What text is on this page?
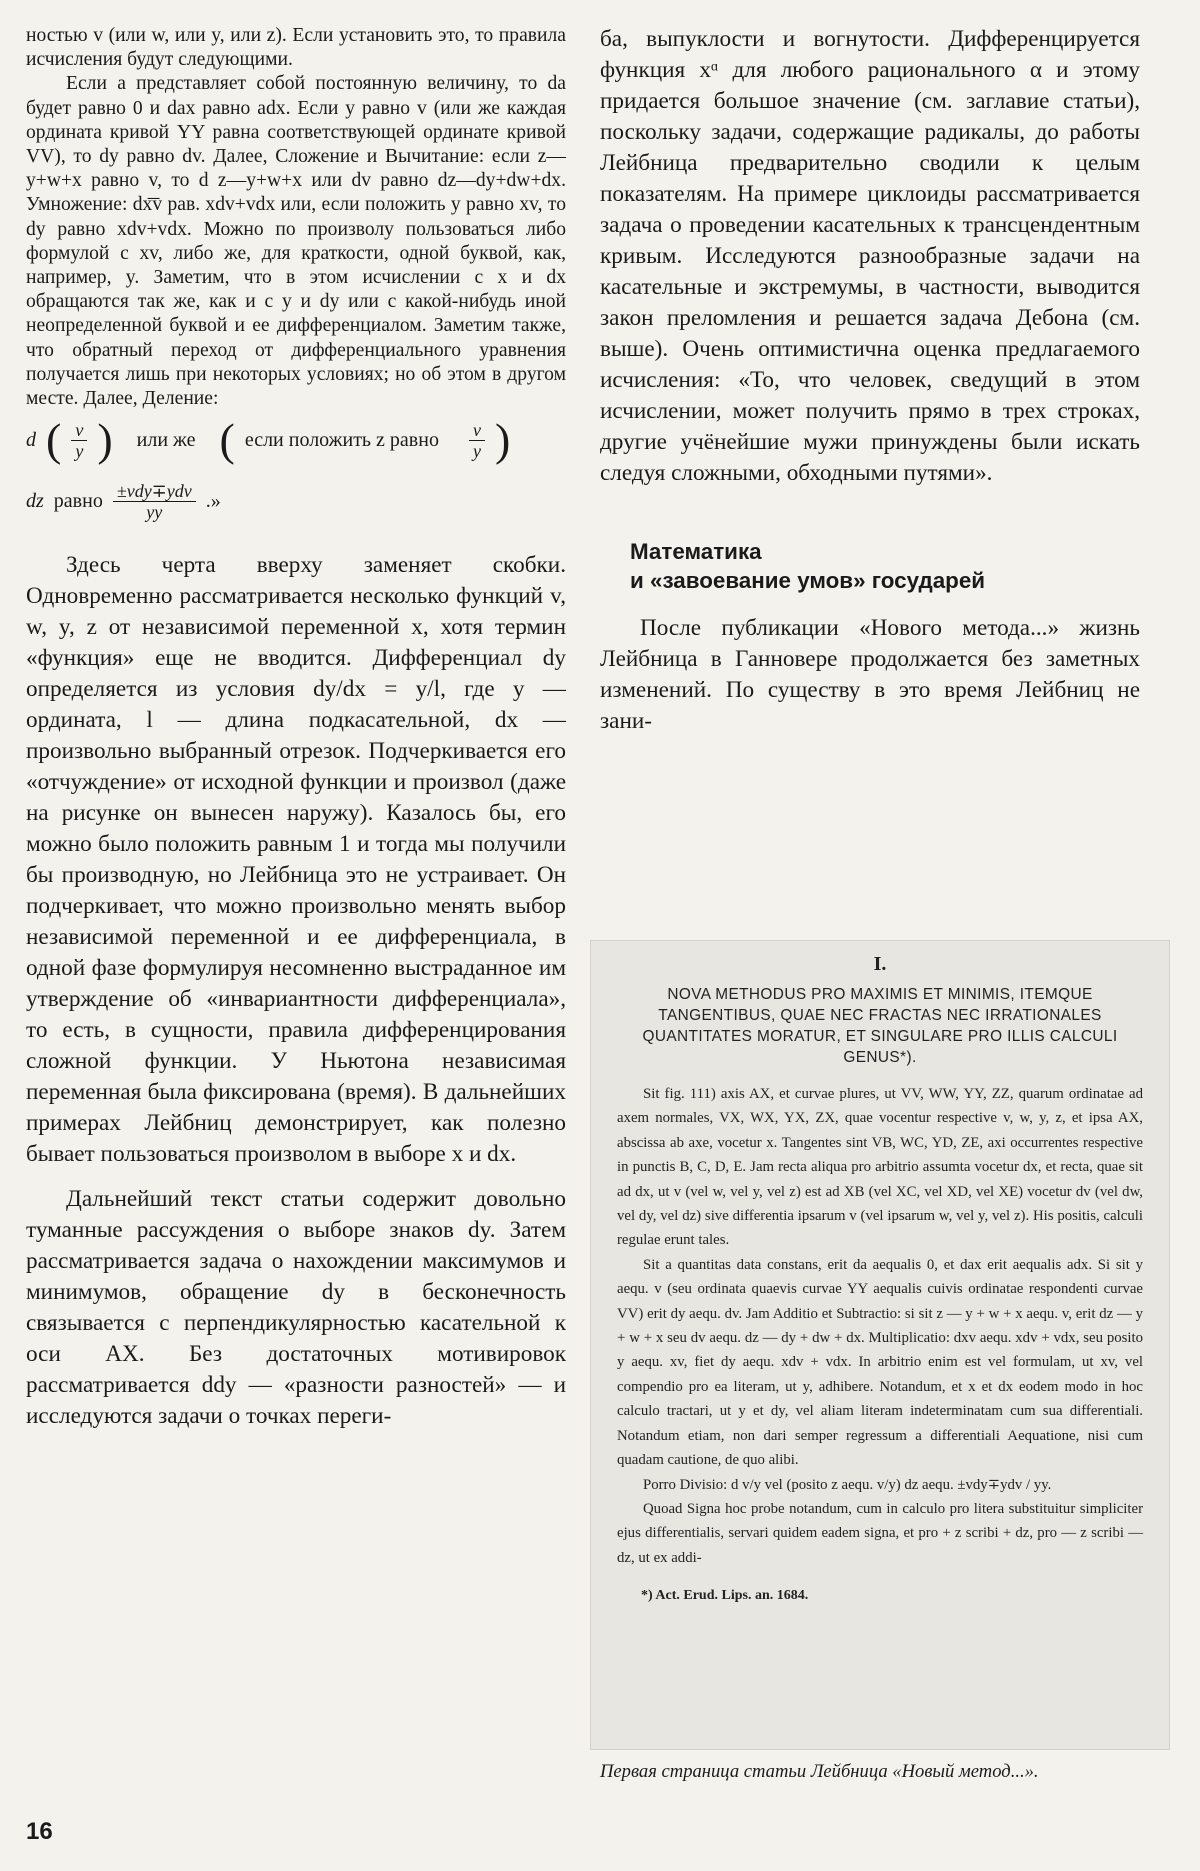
ностью v (или w, или y, или z). Если установить это, то правила исчисления будут следующими.

Если a представляет собой постоянную величину, то da будет равно 0 и dax равно adx. Если y равно v (или же каждая ордината кривой YY равна соответствующей ординате кривой VV), то dy равно dv. Далее, Сложение и Вычитание: если z—y+w+x равно v, то d z—y+w+x или dv равно dz—dy+dw+dx. Умножение: dx͞v рав. xdv+vdx или, если положить y равно xv, то dy равно xdv+vdx. Можно по произволу пользоваться либо формулой с xv, либо же, для краткости, одной буквой, как, например, y. Заметим, что в этом исчислении с x и dx обращаются так же, как и с y и dy или с какой-нибудь иной неопределенной буквой и ее дифференциалом. Заметим также, что обратный переход от дифференциального уравнения получается лишь при некоторых условиях; но об этом в другом месте. Далее, Деление:

d ( $\frac{v}{y}$ ) или же ( если положить z равно $\frac{v}{y}$ )
dz равно $\frac{\text{±vdy∓ydv}}{yy}$ .»

Здесь черта вверху заменяет скобки. Одновременно рассматривается несколько функций v, w, y, z от независимой переменной x, хотя термин «функция» еще не вводится. Дифференциал dy определяется из условия dy/dx = y/l, где y — ордината, l — длина подкасательной, dx — произвольно выбранный отрезок. Подчеркивается его «отчуждение» от исходной функции и произвол (даже на рисунке он вынесен наружу). Казалось бы, его можно было положить равным 1 и тогда мы получили бы производную, но Лейбница это не устраивает. Он подчеркивает, что можно произвольно менять выбор независимой переменной и ее дифференциала, в одной фазе формулируя несомненно выстраданное им утверждение об «инвариантности дифференциала», то есть, в сущности, правила дифференцирования сложной функции. У Ньютона независимая переменная была фиксирована (время). В дальнейших примерах Лейбниц демонстрирует, как полезно бывает пользоваться произволом в выборе x и dx.

Дальнейший текст статьи содержит довольно туманные рассуждения о выборе знаков dy. Затем рассматривается задача о нахождении максимумов и минимумов, обращение dy в бесконечность связывается с перпендикулярностью касательной к оси AX. Без достаточных мотивировок рассматривается ddy — «разности разностей» — и исследуются задачи о точках переги-

ба, выпуклости и вогнутости. Дифференцируется функция xᵅ для любого рационального α и этому придается большое значение (см. заглавие статьи), поскольку задачи, содержащие радикалы, до работы Лейбница предварительно сводили к целым показателям. На примере циклоиды рассматривается задача о проведении касательных к трансцендентным кривым. Исследуются разнообразные задачи на касательные и экстремумы, в частности, выводится закон преломления и решается задача Дебона (см. выше). Очень оптимистична оценка предлагаемого исчисления: «То, что человек, сведущий в этом исчислении, может получить прямо в трех строках, другие учёнейшие мужи принуждены были искать следуя сложными, обходными путями».

Математика
и «завоевание умов» государей

После публикации «Нового метода...» жизнь Лейбница в Ганновере продолжается без заметных изменений. По существу в это время Лейбниц не зани-

I.
NOVA METHODUS PRO MAXIMIS ET MINIMIS, ITEMQUE TANGENTIBUS, QUAE NEC FRACTAS NEC IRRATIONALES QUANTITATES MORATUR, ET SINGULARE PRO ILLIS CALCULI GENUS*).

Sit fig. 111) axis AX, et curvae plures, ut VV, WW, YY, ZZ, quarum ordinatae ad axem normales, VX, WX, YX, ZX, quae vocentur respective v, w, y, z, et ipsa AX, abscissa ab axe, vocetur x. Tangentes sint VB, WC, YD, ZE, axi occurrentes respective in punctis B, C, D, E. Jam recta aliqua pro arbitrio assumta vocetur dx, et recta, quae sit ad dx, ut v (vel w, vel y, vel z) est ad XB (vel XC, vel XD, vel XE) vocetur dv (vel dw, vel dy, vel dz) sive differentia ipsarum v (vel ipsarum w, vel y, vel z). His positis, calculi regulae erunt tales.

Sit a quantitas data constans, erit da aequalis 0, et dax erit aequalis adx. Si sit y aequ. v (seu ordinata quaevis curvae YY aequalis cuivis ordinatae respondenti curvae VV) erit dy aequ. dv. Jam Additio et Subtractio: si sit z — y + w + x aequ. v, erit dz — y + w + x seu dv aequ. dz — dy + dw + dx. Multiplicatio: dxv aequ. xdv + vdx, seu posito y aequ. xv, fiet dy aequ. xdv + vdx. In arbitrio enim est vel formulam, ut xv, vel compendio pro ea literam, ut y, adhibere. Notandum, et x et dx eodem modo in hoc calculo tractari, ut y et dy, vel aliam literam indeterminatam cum sua differentiali. Notandum etiam, non dari semper regressum a differentiali Aequatione, nisi cum quadam cautione, de quo alibi.

Porro Divisio: d v/y vel (posito z aequ. v/y) dz aequ. ±vdy∓ydv / yy.

Quoad Signa hoc probe notandum, cum in calculo pro litera substituitur simpliciter ejus differentialis, servari quidem eadem signa, et pro + z scribi + dz, pro — z scribi — dz, ut ex addi-

*) Act. Erud. Lips. an. 1684.
Первая страница статьи Лейбница «Новый метод...».
16
